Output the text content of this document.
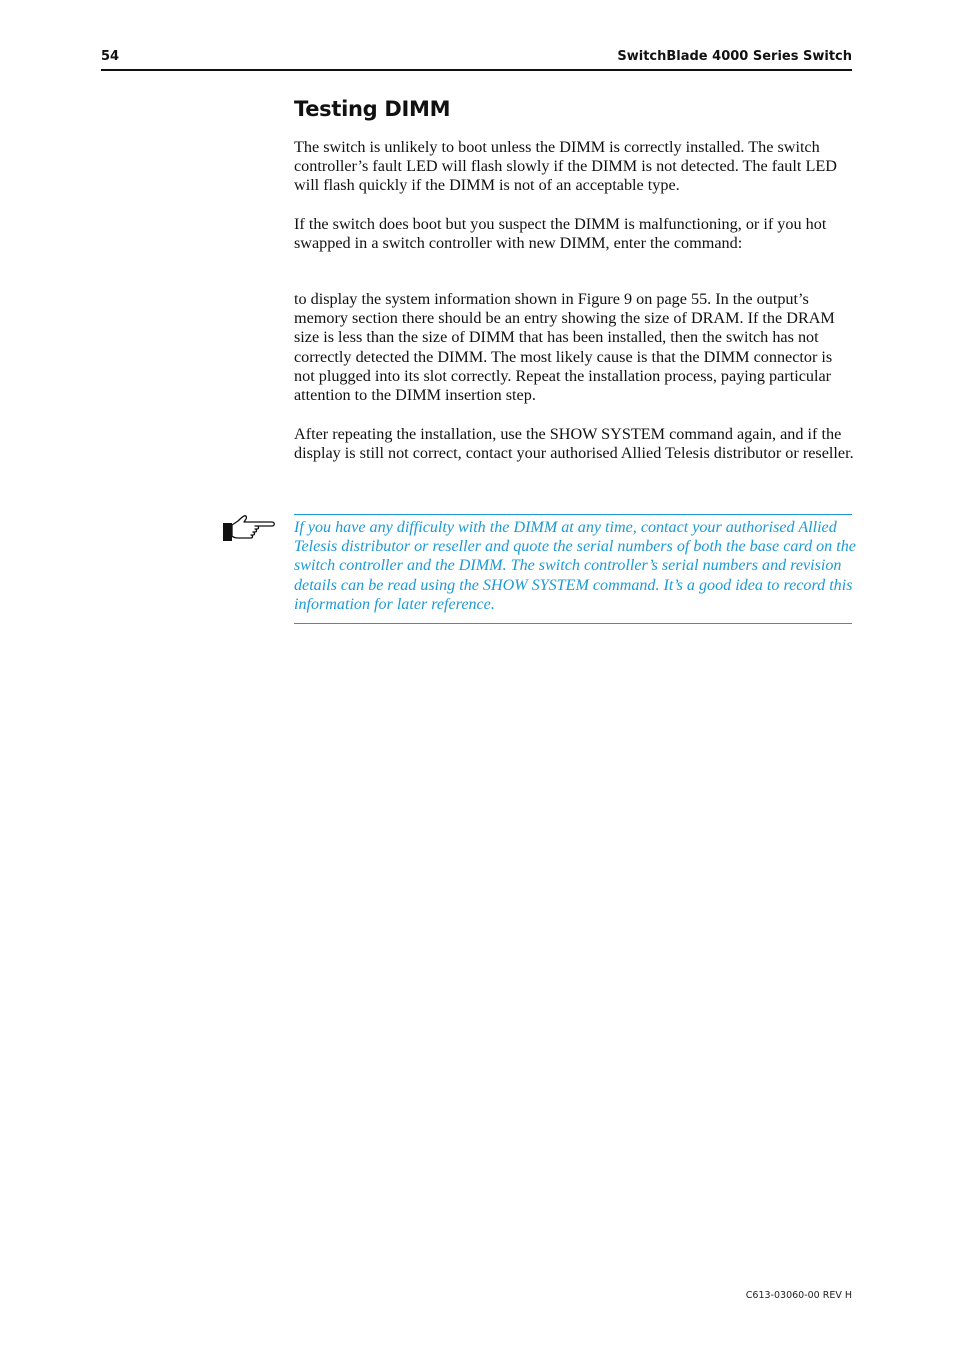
54	SwitchBlade 4000 Series Switch
Testing DIMM

The switch is unlikely to boot unless the DIMM is correctly installed. The switch controller’s fault LED will flash slowly if the DIMM is not detected. The fault LED will flash quickly if the DIMM is not of an acceptable type.

If the switch does boot but you suspect the DIMM is malfunctioning, or if you hot swapped in a switch controller with new DIMM, enter the command:

to display the system information shown in Figure 9 on page 55. In the output’s memory section there should be an entry showing the size of DRAM. If the DRAM size is less than the size of DIMM that has been installed, then the switch has not correctly detected the DIMM. The most likely cause is that the DIMM connector is not plugged into its slot correctly. Repeat the installation process, paying particular attention to the DIMM insertion step.

After repeating the installation, use the SHOW SYSTEM command again, and if the display is still not correct, contact your authorised Allied Telesis distributor or reseller.

If you have any difficulty with the DIMM at any time, contact your authorised Allied Telesis distributor or reseller and quote the serial numbers of both the base card on the switch controller and the DIMM. The switch controller’s serial numbers and revision details can be read using the SHOW SYSTEM command. It’s a good idea to record this information for later reference.

C613-03060-00 REV H
